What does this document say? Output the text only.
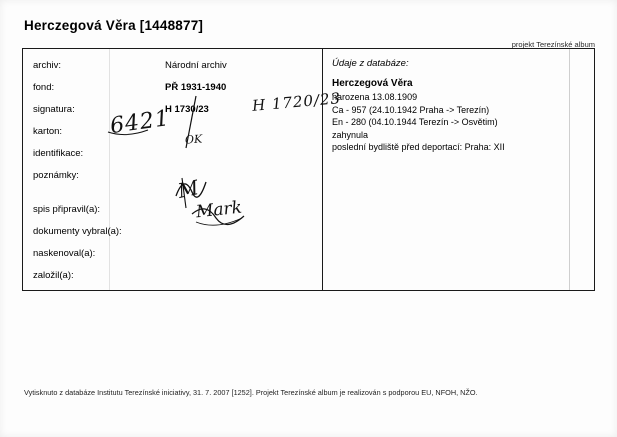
Herczegová Věra [1448877]
projekt Terezínské album
archiv:	Národní archiv
fond:	PŘ 1931-1940
signatura:	H 1730/23
karton:
identifikace:
poznámky:
spis připravil(a):
dokumenty vybral(a):
naskenoval(a):
založil(a):
Údaje z databáze:
Herczegová Věra
narozena 13.08.1909
Ca - 957 (24.10.1942 Praha -> Terezín)
En - 280 (04.10.1944 Terezín -> Osvětim)
zahynula
poslední bydliště před deportací: Praha: XII
H 1720/23
6421
OK
M
Mark
Vytisknuto z databáze Institutu Terezínské iniciativy, 31. 7. 2007 [1252]. Projekt Terezínské album je realizován s podporou EU, NFOH, NŽO.
